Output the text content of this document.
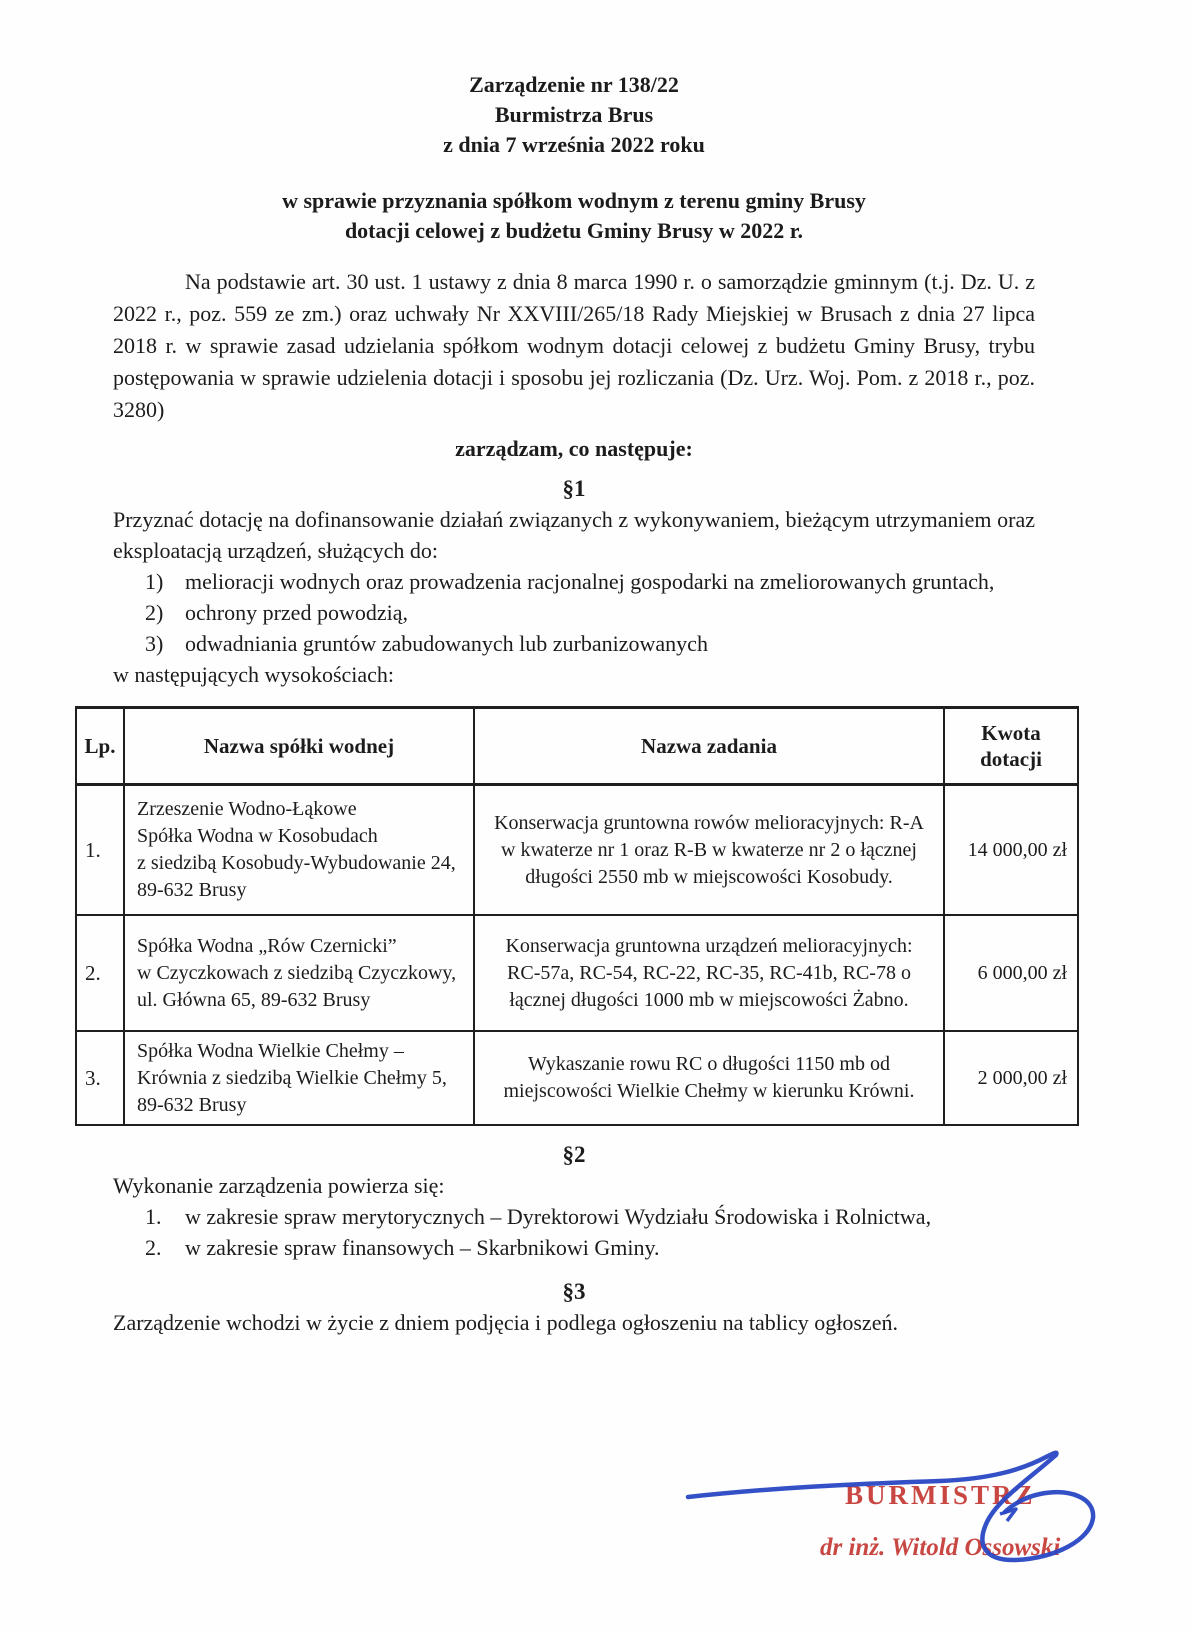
Zarządzenie nr 138/22
Burmistrza Brus
z dnia 7 września 2022 roku
w sprawie przyznania spółkom wodnym z terenu gminy Brusy
dotacji celowej z budżetu Gminy Brusy w 2022 r.

Na podstawie art. 30 ust. 1 ustawy z dnia 8 marca 1990 r. o samorządzie gminnym (t.j. Dz. U. z 2022 r., poz. 559 ze zm.) oraz uchwały Nr XXVIII/265/18 Rady Miejskiej w Brusach z dnia 27 lipca 2018 r. w sprawie zasad udzielania spółkom wodnym dotacji celowej z budżetu Gminy Brusy, trybu postępowania w sprawie udzielenia dotacji i sposobu jej rozliczania (Dz. Urz. Woj. Pom. z 2018 r., poz. 3280)

zarządzam, co następuje:
§1

Przyznać dotację na dofinansowanie działań związanych z wykonywaniem, bieżącym utrzymaniem oraz eksploatacją urządzeń, służących do:

1) melioracji wodnych oraz prowadzenia racjonalnej gospodarki na zmeliorowanych gruntach,
2) ochrony przed powodzią,
3) odwadniania gruntów zabudowanych lub zurbanizowanych

w następujących wysokościach:

Lp.	Nazwa spółki wodnej	Nazwa zadania	Kwota
dotacji

1.	Zrzeszenie Wodno-Łąkowe
Spółka Wodna w Kosobudach
z siedzibą Kosobudy-Wybudowanie 24,
89-632 Brusy	Konserwacja gruntowna rowów melioracyjnych: R-A w kwaterze nr 1 oraz R-B w kwaterze nr 2 o łącznej długości 2550 mb w miejscowości Kosobudy.	14 000,00 zł
2.	Spółka Wodna „Rów Czernicki”
w Czyczkowach z siedzibą Czyczkowy,
ul. Główna 65, 89-632 Brusy	Konserwacja gruntowna urządzeń melioracyjnych: RC-57a, RC-54, RC-22, RC-35, RC-41b, RC-78 o łącznej długości 1000 mb w miejscowości Żabno.	6 000,00 zł
3.	Spółka Wodna Wielkie Chełmy –
Krównia z siedzibą Wielkie Chełmy 5,
89-632 Brusy	Wykaszanie rowu RC o długości 1150 mb od miejscowości Wielkie Chełmy w kierunku Krówni.	2 000,00 zł
§2

Wykonanie zarządzenia powierza się:

1.	w zakresie spraw merytorycznych – Dyrektorowi Wydziału Środowiska i Rolnictwa,
2.	w zakresie spraw finansowych – Skarbnikowi Gminy.
§3

Zarządzenie wchodzi w życie z dniem podjęcia i podlega ogłoszeniu na tablicy ogłoszeń.

BURMISTRZ
dr inż. Witold Ossowski
